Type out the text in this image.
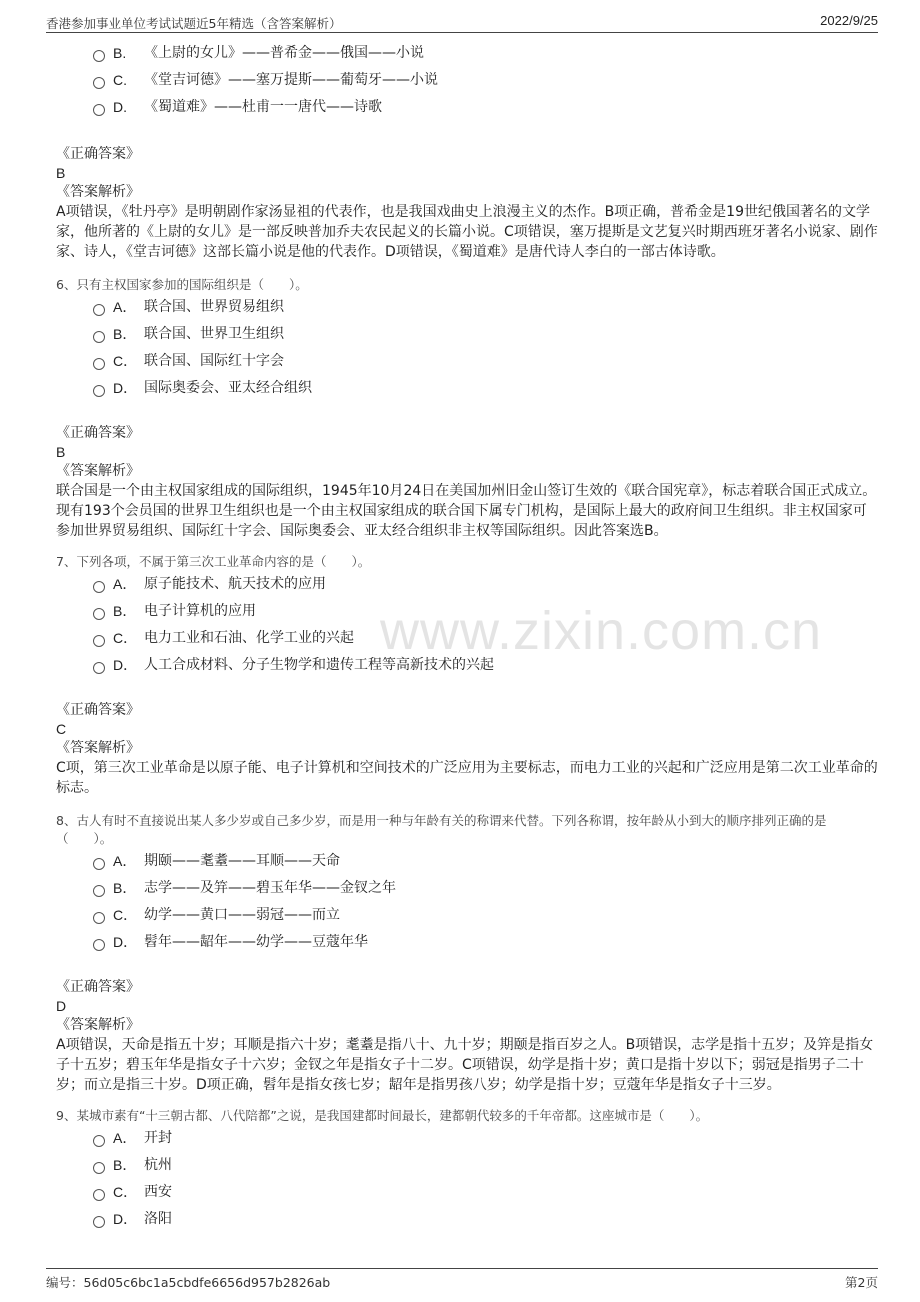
香港参加事业单位考试试题近5年精选（含答案解析）	2022/9/25
www.zixin.com.cn
B. 《上尉的女儿》——普希金——俄国——小说
C. 《堂吉诃德》——塞万提斯——葡萄牙——小说
D. 《蜀道难》——杜甫一一唐代——诗歌
《正确答案》
B
《答案解析》
A项错误，《牡丹亭》是明朝剧作家汤显祖的代表作，也是我国戏曲史上浪漫主义的杰作。B项正确，普希金是19世纪俄国著名的文学家，他所著的《上尉的女儿》是一部反映普加乔夫农民起义的长篇小说。C项错误，塞万提斯是文艺复兴时期西班牙著名小说家、剧作家、诗人，《堂吉诃德》这部长篇小说是他的代表作。D项错误，《蜀道难》是唐代诗人李白的一部古体诗歌。
6、只有主权国家参加的国际组织是（　　）。
A． 联合国、世界贸易组织
B． 联合国、世界卫生组织
C． 联合国、国际红十字会
D． 国际奥委会、亚太经合组织
《正确答案》
B
《答案解析》
联合国是一个由主权国家组成的国际组织，1945年10月24日在美国加州旧金山签订生效的《联合国宪章》，标志着联合国正式成立。现有193个会员国的世界卫生组织也是一个由主权国家组成的联合国下属专门机构，是国际上最大的政府间卫生组织。非主权国家可参加世界贸易组织、国际红十字会、国际奥委会、亚太经合组织非主权等国际组织。因此答案选B。
7、下列各项，不属于第三次工业革命内容的是（　　）。
A． 原子能技术、航天技术的应用
B． 电子计算机的应用
C． 电力工业和石油、化学工业的兴起
D． 人工合成材料、分子生物学和遗传工程等高新技术的兴起
《正确答案》
C
《答案解析》
C项，第三次工业革命是以原子能、电子计算机和空间技术的广泛应用为主要标志，而电力工业的兴起和广泛应用是第二次工业革命的标志。
8、古人有时不直接说出某人多少岁或自己多少岁，而是用一种与年龄有关的称谓来代替。下列各称谓，按年龄从小到大的顺序排列正确的是（　　）。
A． 期颐——耄耋——耳顺——天命
B． 志学——及笄——碧玉年华——金钗之年
C． 幼学——黄口——弱冠——而立
D． 髫年——龆年——幼学——豆蔻年华
《正确答案》
D
《答案解析》
A项错误，天命是指五十岁；耳顺是指六十岁；耄耋是指八十、九十岁；期颐是指百岁之人。B项错误，志学是指十五岁；及笄是指女子十五岁；碧玉年华是指女子十六岁；金钗之年是指女子十二岁。C项错误，幼学是指十岁；黄口是指十岁以下；弱冠是指男子二十岁；而立是指三十岁。D项正确，髫年是指女孩七岁；龆年是指男孩八岁；幼学是指十岁；豆蔻年华是指女子十三岁。
9、某城市素有“十三朝古都、八代陪都”之说，是我国建都时间最长，建都朝代较多的千年帝都。这座城市是（　　）。
A． 开封
B． 杭州
C． 西安
D． 洛阳
编号：56d05c6bc1a5cbdfe6656d957b2826ab	第2页
